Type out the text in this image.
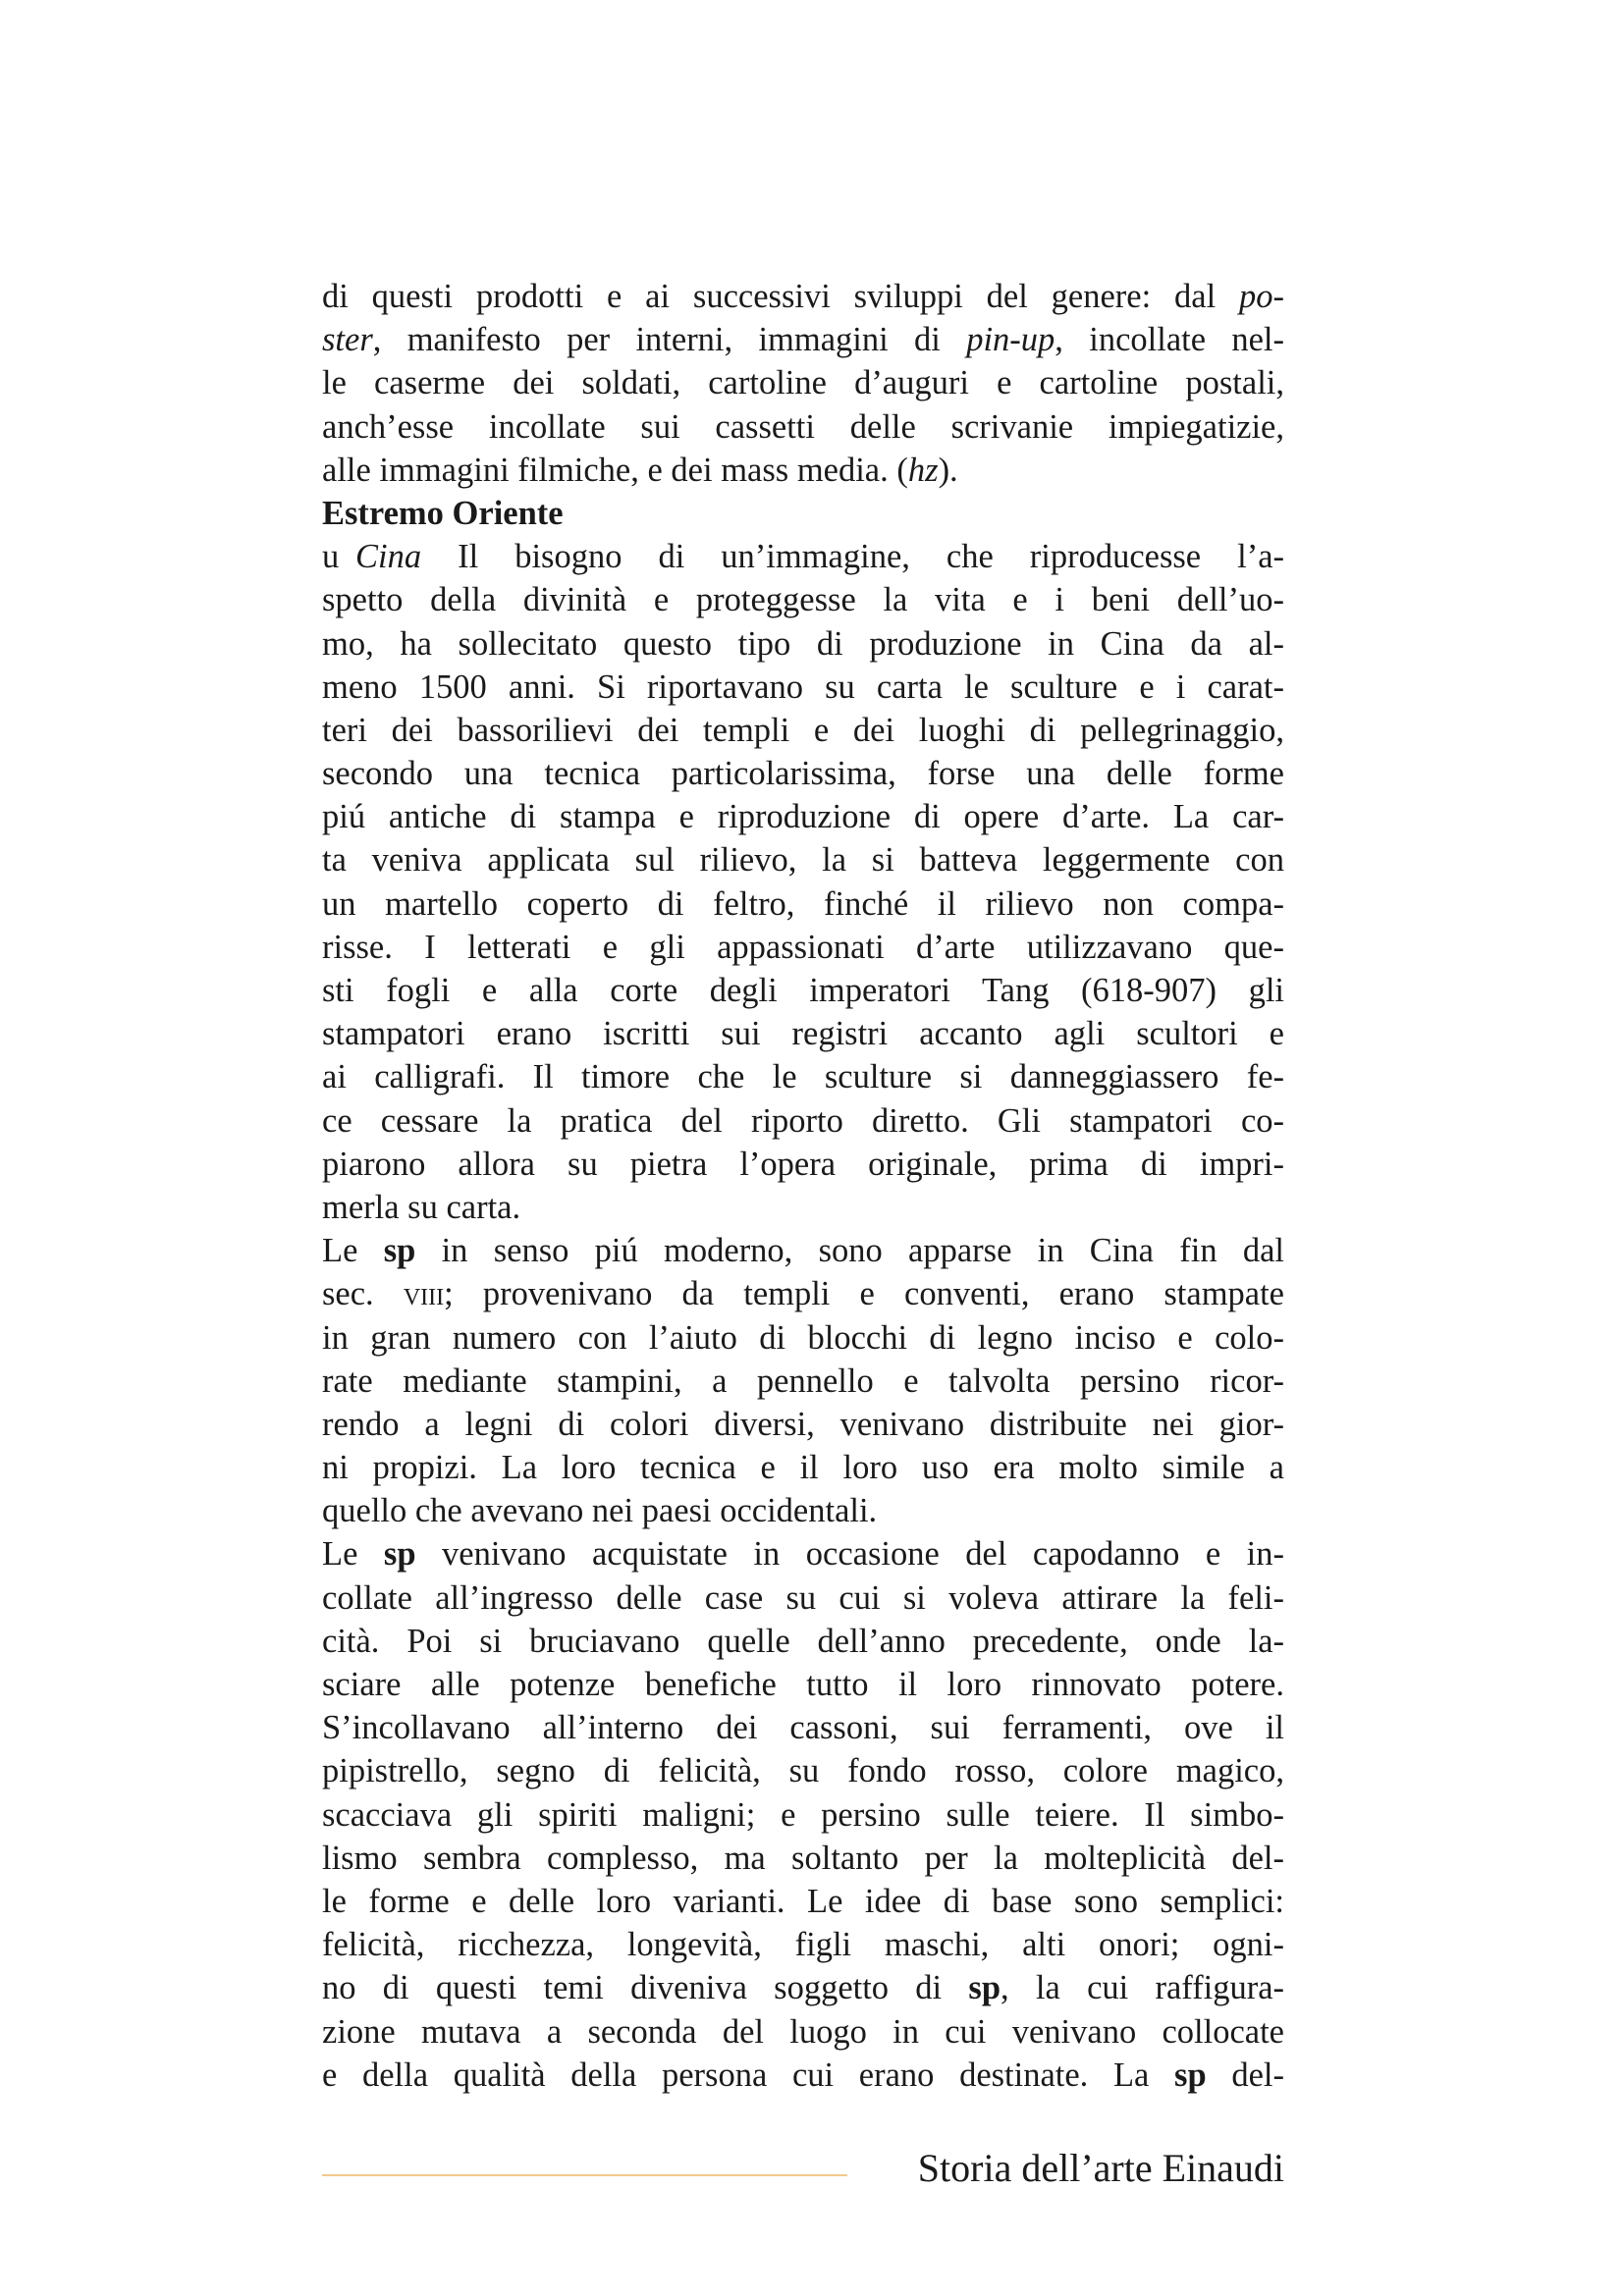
di questi prodotti e ai successivi sviluppi del genere: dal po-
ster, manifesto per interni, immagini di pin-up, incollate nel-
le caserme dei soldati, cartoline d’auguri e cartoline postali,
anch’esse incollate sui cassetti delle scrivanie impiegatizie,
alle immagini filmiche, e dei mass media. (hz).
Estremo Oriente
u Cina Il bisogno di un’immagine, che riproducesse l’a-
spetto della divinità e proteggesse la vita e i beni dell’uo-
mo, ha sollecitato questo tipo di produzione in Cina da al-
meno 1500 anni. Si riportavano su carta le sculture e i carat-
teri dei bassorilievi dei templi e dei luoghi di pellegrinaggio,
secondo una tecnica particolarissima, forse una delle forme
piú antiche di stampa e riproduzione di opere d’arte. La car-
ta veniva applicata sul rilievo, la si batteva leggermente con
un martello coperto di feltro, finché il rilievo non compa-
risse. I letterati e gli appassionati d’arte utilizzavano que-
sti fogli e alla corte degli imperatori Tang (618-907) gli
stampatori erano iscritti sui registri accanto agli scultori e
ai calligrafi. Il timore che le sculture si danneggiassero fe-
ce cessare la pratica del riporto diretto. Gli stampatori co-
piarono allora su pietra l’opera originale, prima di impri-
merla su carta.
Le sp in senso piú moderno, sono apparse in Cina fin dal
sec. viii; provenivano da templi e conventi, erano stampate
in gran numero con l’aiuto di blocchi di legno inciso e colo-
rate mediante stampini, a pennello e talvolta persino ricor-
rendo a legni di colori diversi, venivano distribuite nei gior-
ni propizi. La loro tecnica e il loro uso era molto simile a
quello che avevano nei paesi occidentali.
Le sp venivano acquistate in occasione del capodanno e in-
collate all’ingresso delle case su cui si voleva attirare la feli-
cità. Poi si bruciavano quelle dell’anno precedente, onde la-
sciare alle potenze benefiche tutto il loro rinnovato potere.
S’incollavano all’interno dei cassoni, sui ferramenti, ove il
pipistrello, segno di felicità, su fondo rosso, colore magico,
scacciava gli spiriti maligni; e persino sulle teiere. Il simbo-
lismo sembra complesso, ma soltanto per la molteplicità del-
le forme e delle loro varianti. Le idee di base sono semplici:
felicità, ricchezza, longevità, figli maschi, alti onori; ogni-
no di questi temi diveniva soggetto di sp, la cui raffigura-
zione mutava a seconda del luogo in cui venivano collocate
e della qualità della persona cui erano destinate. La sp del-
Storia dell’arte Einaudi
